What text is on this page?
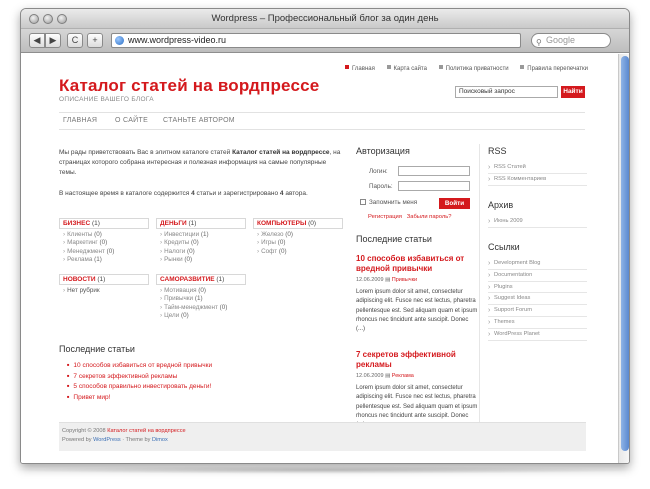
Wordpress – Профессиональный блог за один день
◀	▶	C	+	www.wordpress-video.ru	⚲ Google
Главная	Карта сайта	Политика приватности	Правила перепечатки
Каталог статей на вордпрессе
ОПИСАНИЕ ВАШЕГО БЛОГА
Поисковый запрос	Найти
ГЛАВНАЯ	О САЙТЕ СТАНЬТЕ АВТОРОМ
Мы рады приветствовать Вас в элитном каталоге статей Каталог статей на вордпрессе, на страницах которого собрана интересная и полезная информация на самые популярные темы.
В настоящее время в каталоге содержится 4 статьи и зарегистрировано 4 автора.
БИЗНЕС (1)
› Клиенты (0)
› Маркетинг (0)
› Менеджмент (0)
› Реклама (1)
ДЕНЬГИ (1)
› Инвестиции (1)
› Кредиты (0)
› Налоги (0)
› Рынки (0)
КОМПЬЮТЕРЫ (0)
› Железо (0)
› Игры (0)
› Софт (0)
НОВОСТИ (1)
› Нет рубрик
САМОРАЗВИТИЕ (1)
› Мотивация (0)
› Привычки (1)
› Тайм-менеджмент (0)
› Цели (0)
Последние статьи
■ 10 способов избавиться от вредной привычки
■ 7 секретов эффективной рекламы
■ 5 способов правильно инвестировать деньги!
■ Привет мир!
Авторизация
Логин:
Пароль:
Запомнить меня	Войти
Регистрация Забыли пароль?
Последние статьи
10 способов избавиться от вредной привычки
12.06.2009 ▤ Привычки
Lorem ipsum dolor sit amet, consectetur adipiscing elit. Fusce nec est lectus, pharetra pellentesque est. Sed aliquam quam et ipsum rhoncus nec tincidunt ante suscipit. Donec (...)
7 секретов эффективной рекламы
12.06.2009 ▤ Реклама
Lorem ipsum dolor sit amet, consectetur adipiscing elit. Fusce nec est lectus, pharetra pellentesque est. Sed aliquam quam et ipsum rhoncus nec tincidunt ante suscipit. Donec
RSS
› RSS Статей
› RSS Комментариев
Архив
› Июнь 2009
Ссылки
› Development Blog
› Documentation
› Plugins
› Suggest Ideas
› Support Forum
› Themes
› WordPress Planet
Copyright © 2008 Каталог статей на вордпрессе
Powered by WordPress · Theme by Dimox
